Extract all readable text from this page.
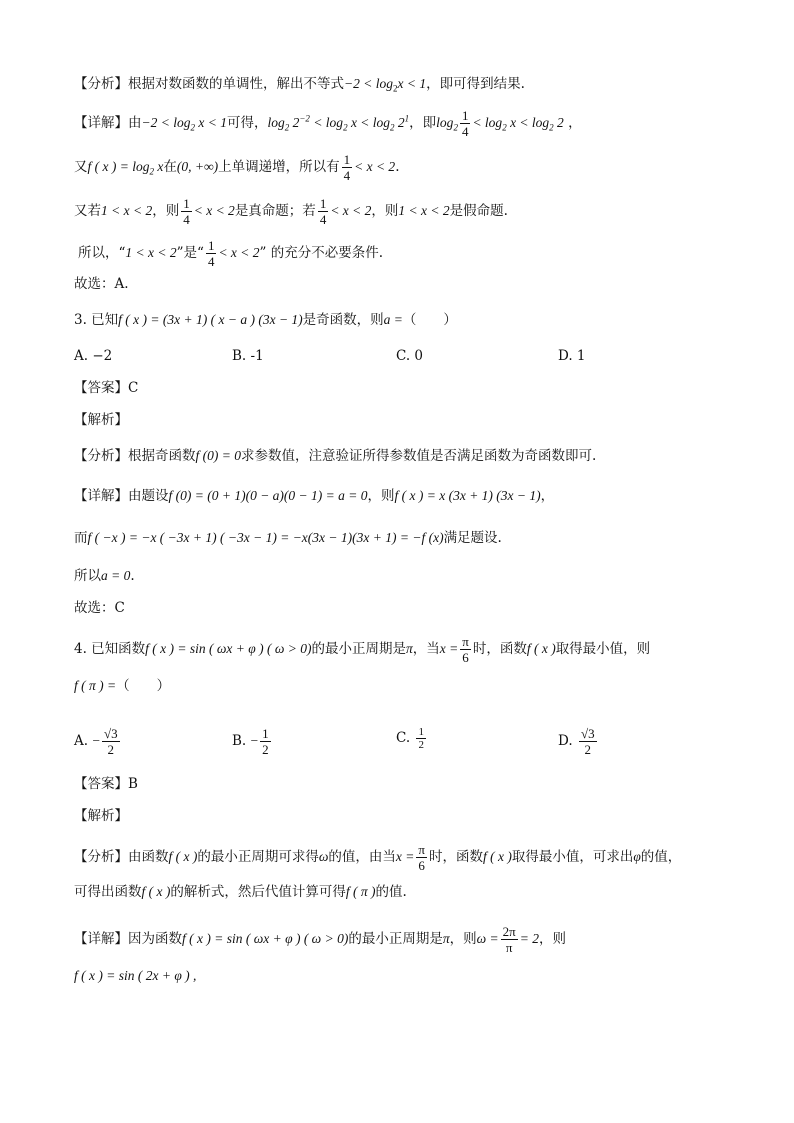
【分析】根据对数函数的单调性，解出不等式$-2 < \log_2x < 1$，即可得到结果.
【详解】由$-2 < \log_2 x < 1$可得，$\log_2 2^{-2} < \log_2 x < \log_2 2^1$，即$\log_2 \frac{1}{4} < \log_2 x < \log_2 2$ ，
又f ( x ) = $\log_2 x$在(0, +∞)上单调递增，所以有 $\frac{1}{4} < x < 2$.
又若1 < x < 2，则 $\frac{1}{4} < x < 2$是真命题；若 $\frac{1}{4} < x < 2$，则1 < x < 2是假命题.
所以，“1 < x < 2”是“ $\frac{1}{4} < x < 2$” 的充分不必要条件.
故选：A.
3. 已知f ( x ) = (3x + 1) ( x − a ) (3x − 1)是奇函数，则a =（　　）
A. −2	B. -1	C. 0	D. 1
【答案】C
【解析】
【分析】根据奇函数f (0) = 0求参数值，注意验证所得参数值是否满足函数为奇函数即可.
【详解】由题设f (0) = (0 + 1)(0 − a)(0 − 1) = a = 0，则f ( x ) = x (3x + 1) (3x − 1)，
而f ( −x ) = −x ( −3x + 1) ( −3x − 1) = −x(3x − 1)(3x + 1) = −f (x)满足题设.
所以a = 0.
故选：C
4. 已知函数f ( x ) = sin ( ωx + φ ) ( ω > 0)的最小正周期是π，当$x = \frac{\pi}{6}$ 时，函数f ( x )取得最小值，则
f ( π ) =（　　）
A. − $\frac{√3}{2}$	B. − $\frac{1}{2}$	C. $\frac{1}{2}$	D. $\frac{√3}{2}$
【答案】B
【解析】
【分析】由函数f ( x )的最小正周期可求得ω的值，由当$x = \frac{\pi}{6}$ 时，函数f ( x )取得最小值，可求出φ的值，
可得出函数f ( x )的解析式，然后代值计算可得f ( π )的值.
【详解】因为函数f ( x ) = sin ( ωx + φ ) ( ω > 0)的最小正周期是π，则$\omega = \frac{2\pi}{\pi} = 2$，则
f ( x ) = sin ( 2x + φ ) ,
